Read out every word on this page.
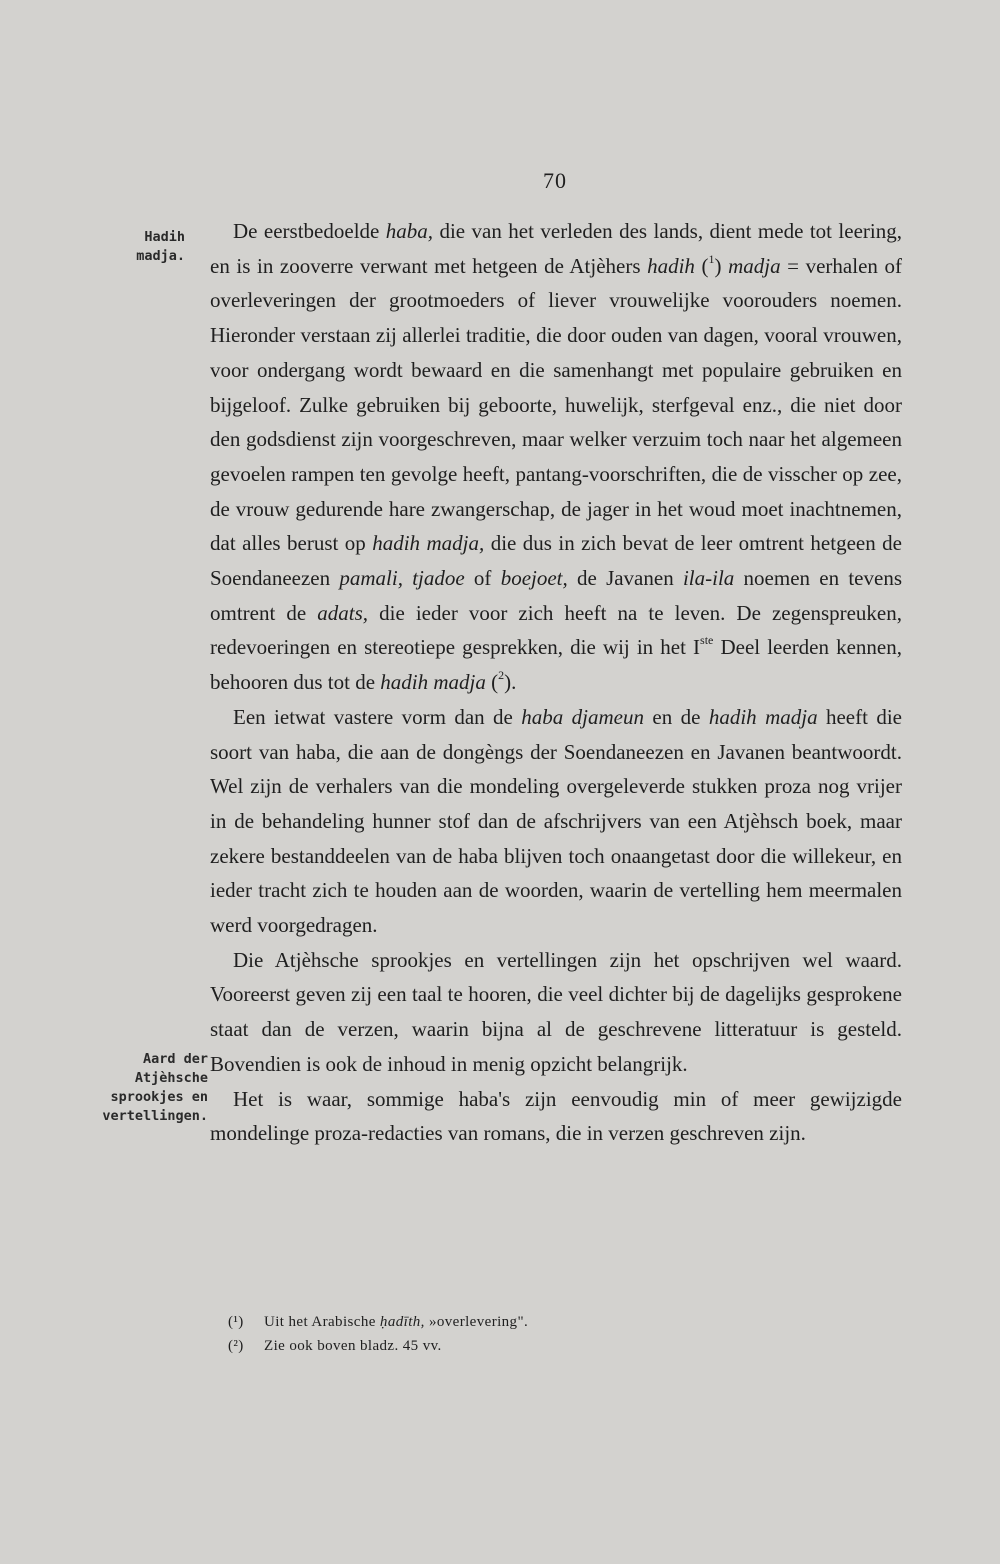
70
Hadih
madja.
Aard der
Atjèhsche
sprookjes en
vertellingen.

De eerstbedoelde haba, die van het verleden des lands, dient mede tot leering, en is in zooverre verwant met hetgeen de Atjèhers hadih ($^1$) madja = verhalen of overleveringen der grootmoeders of liever vrouwelijke voorouders noemen. Hieronder verstaan zij allerlei traditie, die door ouden van dagen, vooral vrouwen, voor ondergang wordt bewaard en die samenhangt met populaire gebruiken en bijgeloof. Zulke gebruiken bij geboorte, huwelijk, sterfgeval enz., die niet door den godsdienst zijn voorgeschreven, maar welker verzuim toch naar het algemeen gevoelen rampen ten gevolge heeft, pantang-voorschriften, die de visscher op zee, de vrouw gedurende hare zwangerschap, de jager in het woud moet inachtnemen, dat alles berust op hadih madja, die dus in zich bevat de leer omtrent hetgeen de Soendaneezen pamali, tjadoe of boejoet, de Javanen ila-ila noemen en tevens omtrent de adats, die ieder voor zich heeft na te leven. De zegenspreuken, redevoeringen en stereotiepe gesprekken, die wij in het Iste Deel leerden kennen, behooren dus tot de hadih madja ($^2$).

Een ietwat vastere vorm dan de haba djameun en de hadih madja heeft die soort van haba, die aan de dongèngs der Soendaneezen en Javanen beantwoordt. Wel zijn de verhalers van die mondeling overgeleverde stukken proza nog vrijer in de behandeling hunner stof dan de afschrijvers van een Atjèhsch boek, maar zekere bestanddeelen van de haba blijven toch onaangetast door die willekeur, en ieder tracht zich te houden aan de woorden, waarin de vertelling hem meermalen werd voorgedragen.

Die Atjèhsche sprookjes en vertellingen zijn het opschrijven wel waard. Vooreerst geven zij een taal te hooren, die veel dichter bij de dagelijks gesprokene staat dan de verzen, waarin bijna al de geschrevene litteratuur is gesteld. Bovendien is ook de inhoud in menig opzicht belangrijk.

Het is waar, sommige haba's zijn eenvoudig min of meer gewijzigde mondelinge proza-redacties van romans, die in verzen geschreven zijn.

(¹) Uit het Arabische ḥadīth, »overlevering".
(²) Zie ook boven bladz. 45 vv.
